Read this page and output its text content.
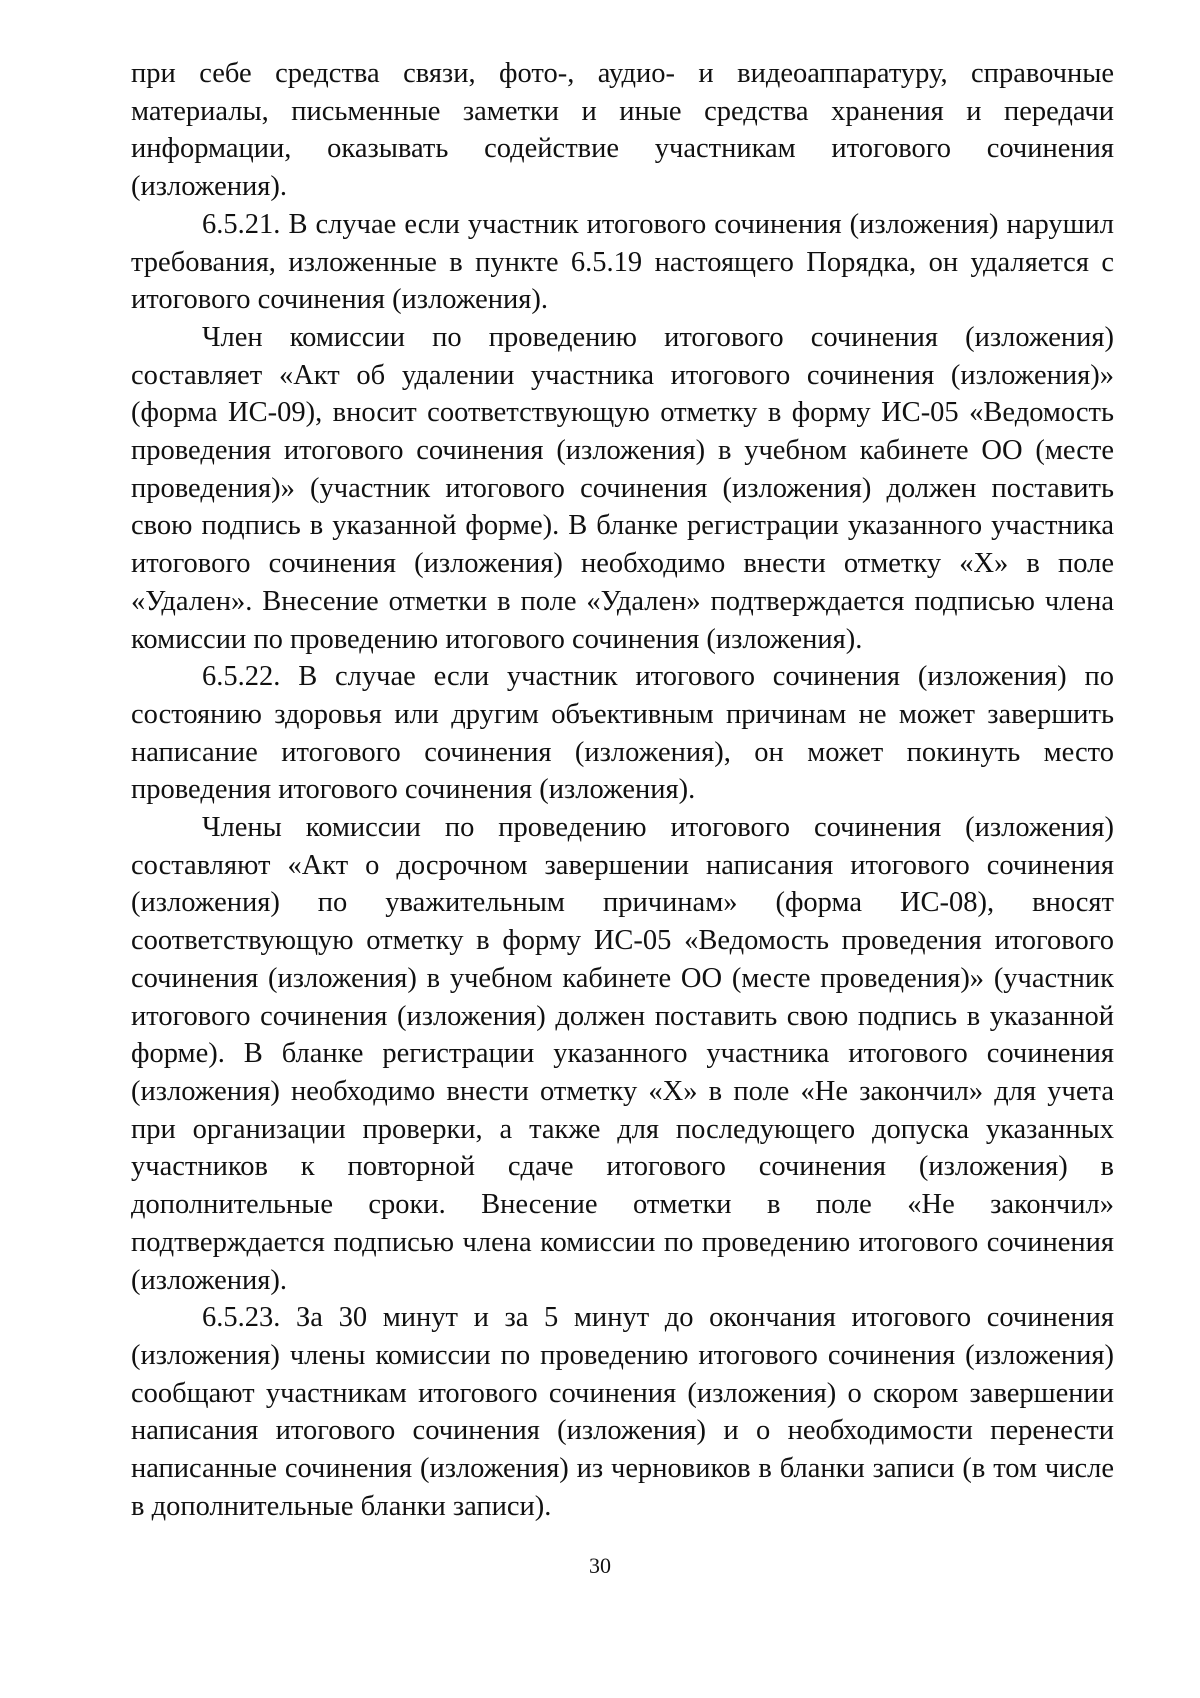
при себе средства связи, фото-, аудио- и видеоаппаратуру, справочные материалы, письменные заметки и иные средства хранения и передачи информации, оказывать содействие участникам итогового сочинения (изложения).

6.5.21. В случае если участник итогового сочинения (изложения) нарушил требования, изложенные в пункте 6.5.19 настоящего Порядка, он удаляется с итогового сочинения (изложения).

Член комиссии по проведению итогового сочинения (изложения) составляет «Акт об удалении участника итогового сочинения (изложения)» (форма ИС-09), вносит соответствующую отметку в форму ИС-05 «Ведомость проведения итогового сочинения (изложения) в учебном кабинете ОО (месте проведения)» (участник итогового сочинения (изложения) должен поставить свою подпись в указанной форме). В бланке регистрации указанного участника итогового сочинения (изложения) необходимо внести отметку «Х» в поле «Удален». Внесение отметки в поле «Удален» подтверждается подписью члена комиссии по проведению итогового сочинения (изложения).

6.5.22. В случае если участник итогового сочинения (изложения) по состоянию здоровья или другим объективным причинам не может завершить написание итогового сочинения (изложения), он может покинуть место проведения итогового сочинения (изложения).

Члены комиссии по проведению итогового сочинения (изложения) составляют «Акт о досрочном завершении написания итогового сочинения (изложения) по уважительным причинам» (форма ИС-08), вносят соответствующую отметку в форму ИС-05 «Ведомость проведения итогового сочинения (изложения) в учебном кабинете ОО (месте проведения)» (участник итогового сочинения (изложения) должен поставить свою подпись в указанной форме). В бланке регистрации указанного участника итогового сочинения (изложения) необходимо внести отметку «Х» в поле «Не закончил» для учета при организации проверки, а также для последующего допуска указанных участников к повторной сдаче итогового сочинения (изложения) в дополнительные сроки. Внесение отметки в поле «Не закончил» подтверждается подписью члена комиссии по проведению итогового сочинения (изложения).

6.5.23. За 30 минут и за 5 минут до окончания итогового сочинения (изложения) члены комиссии по проведению итогового сочинения (изложения) сообщают участникам итогового сочинения (изложения) о скором завершении написания итогового сочинения (изложения) и о необходимости перенести написанные сочинения (изложения) из черновиков в бланки записи (в том числе в дополнительные бланки записи).

30
